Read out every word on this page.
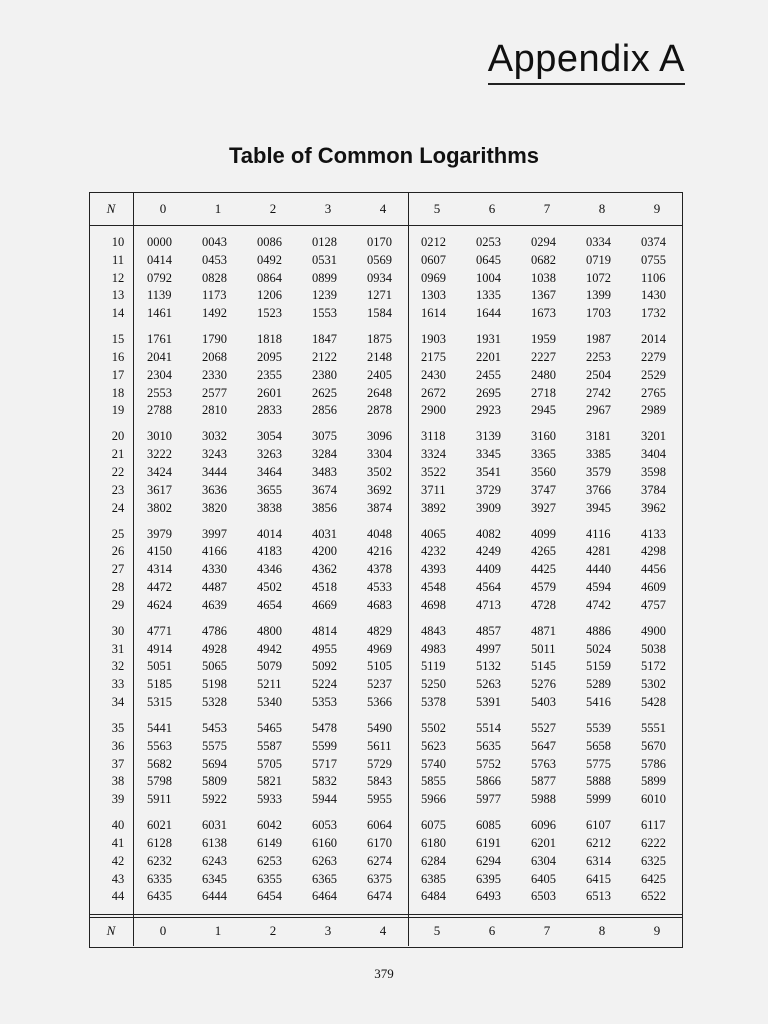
Appendix A
Table of Common Logarithms
N	0	1	2	3	4	5	6	7	8	9
10	0000 0043 0086 0128 0170 0212 0253 0294 0334 0374
11	0414 0453 0492 0531 0569 0607 0645 0682 0719 0755
12	0792 0828 0864 0899 0934 0969 1004 1038 1072 1106
13	1139 1173 1206 1239 1271 1303 1335 1367 1399 1430
14	1461 1492 1523 1553 1584 1614 1644 1673 1703 1732
15	1761 1790 1818 1847 1875 1903 1931 1959 1987 2014
16	2041 2068 2095 2122 2148 2175 2201 2227 2253 2279
17	2304 2330 2355 2380 2405 2430 2455 2480 2504 2529
18	2553 2577 2601 2625 2648 2672 2695 2718 2742 2765
19	2788 2810 2833 2856 2878 2900 2923 2945 2967 2989
20	3010 3032 3054 3075 3096 3118 3139 3160 3181 3201
21	3222 3243 3263 3284 3304 3324 3345 3365 3385 3404
22	3424 3444 3464 3483 3502 3522 3541 3560 3579 3598
23	3617 3636 3655 3674 3692 3711 3729 3747 3766 3784
24	3802 3820 3838 3856 3874 3892 3909 3927 3945 3962
25	3979 3997 4014 4031 4048 4065 4082 4099 4116 4133
26	4150 4166 4183 4200 4216 4232 4249 4265 4281 4298
27	4314 4330 4346 4362 4378 4393 4409 4425 4440 4456
28	4472 4487 4502 4518 4533 4548 4564 4579 4594 4609
29	4624 4639 4654 4669 4683 4698 4713 4728 4742 4757
30	4771 4786 4800 4814 4829 4843 4857 4871 4886 4900
31	4914 4928 4942 4955 4969 4983 4997 5011 5024 5038
32	5051 5065 5079 5092 5105 5119 5132 5145 5159 5172
33	5185 5198 5211 5224 5237 5250 5263 5276 5289 5302
34	5315 5328 5340 5353 5366 5378 5391 5403 5416 5428
35	5441 5453 5465 5478 5490 5502 5514 5527 5539 5551
36	5563 5575 5587 5599 5611 5623 5635 5647 5658 5670
37	5682 5694 5705 5717 5729 5740 5752 5763 5775 5786
38	5798 5809 5821 5832 5843 5855 5866 5877 5888 5899
39	5911 5922 5933 5944 5955 5966 5977 5988 5999 6010
40	6021 6031 6042 6053 6064 6075 6085 6096 6107 6117
41	6128 6138 6149 6160 6170 6180 6191 6201 6212 6222
42	6232 6243 6253 6263 6274 6284 6294 6304 6314 6325
43	6335 6345 6355 6365 6375 6385 6395 6405 6415 6425
44	6435 6444 6454 6464 6474 6484 6493 6503 6513 6522
N	0	1	2	3	4	5	6	7	8	9
379
